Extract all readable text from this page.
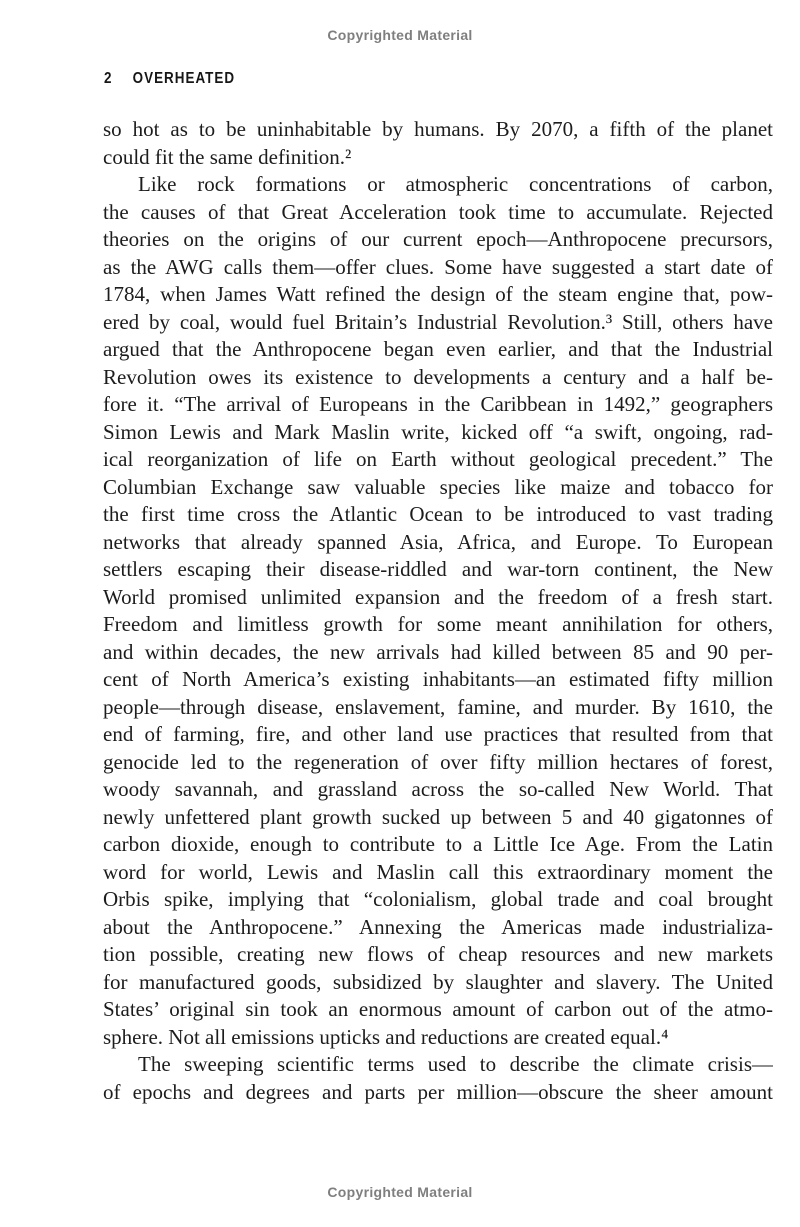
Copyrighted Material
2 OVERHEATED
so hot as to be uninhabitable by humans. By 2070, a fifth of the planet
could fit the same definition.²
Like rock formations or atmospheric concentrations of carbon,
the causes of that Great Acceleration took time to accumulate. Rejected
theories on the origins of our current epoch—Anthropocene precursors,
as the AWG calls them—offer clues. Some have suggested a start date of
1784, when James Watt refined the design of the steam engine that, pow-
ered by coal, would fuel Britain’s Industrial Revolution.³ Still, others have
argued that the Anthropocene began even earlier, and that the Industrial
Revolution owes its existence to developments a century and a half be-
fore it. “The arrival of Europeans in the Caribbean in 1492,” geographers
Simon Lewis and Mark Maslin write, kicked off “a swift, ongoing, rad-
ical reorganization of life on Earth without geological precedent.” The
Columbian Exchange saw valuable species like maize and tobacco for
the first time cross the Atlantic Ocean to be introduced to vast trading
networks that already spanned Asia, Africa, and Europe. To European
settlers escaping their disease-riddled and war-torn continent, the New
World promised unlimited expansion and the freedom of a fresh start.
Freedom and limitless growth for some meant annihilation for others,
and within decades, the new arrivals had killed between 85 and 90 per-
cent of North America’s existing inhabitants—an estimated fifty million
people—through disease, enslavement, famine, and murder. By 1610, the
end of farming, fire, and other land use practices that resulted from that
genocide led to the regeneration of over fifty million hectares of forest,
woody savannah, and grassland across the so-called New World. That
newly unfettered plant growth sucked up between 5 and 40 gigatonnes of
carbon dioxide, enough to contribute to a Little Ice Age. From the Latin
word for world, Lewis and Maslin call this extraordinary moment the
Orbis spike, implying that “colonialism, global trade and coal brought
about the Anthropocene.” Annexing the Americas made industrializa-
tion possible, creating new flows of cheap resources and new markets
for manufactured goods, subsidized by slaughter and slavery. The United
States’ original sin took an enormous amount of carbon out of the atmo-
sphere. Not all emissions upticks and reductions are created equal.⁴
The sweeping scientific terms used to describe the climate crisis—
of epochs and degrees and parts per million—obscure the sheer amount
Copyrighted Material
